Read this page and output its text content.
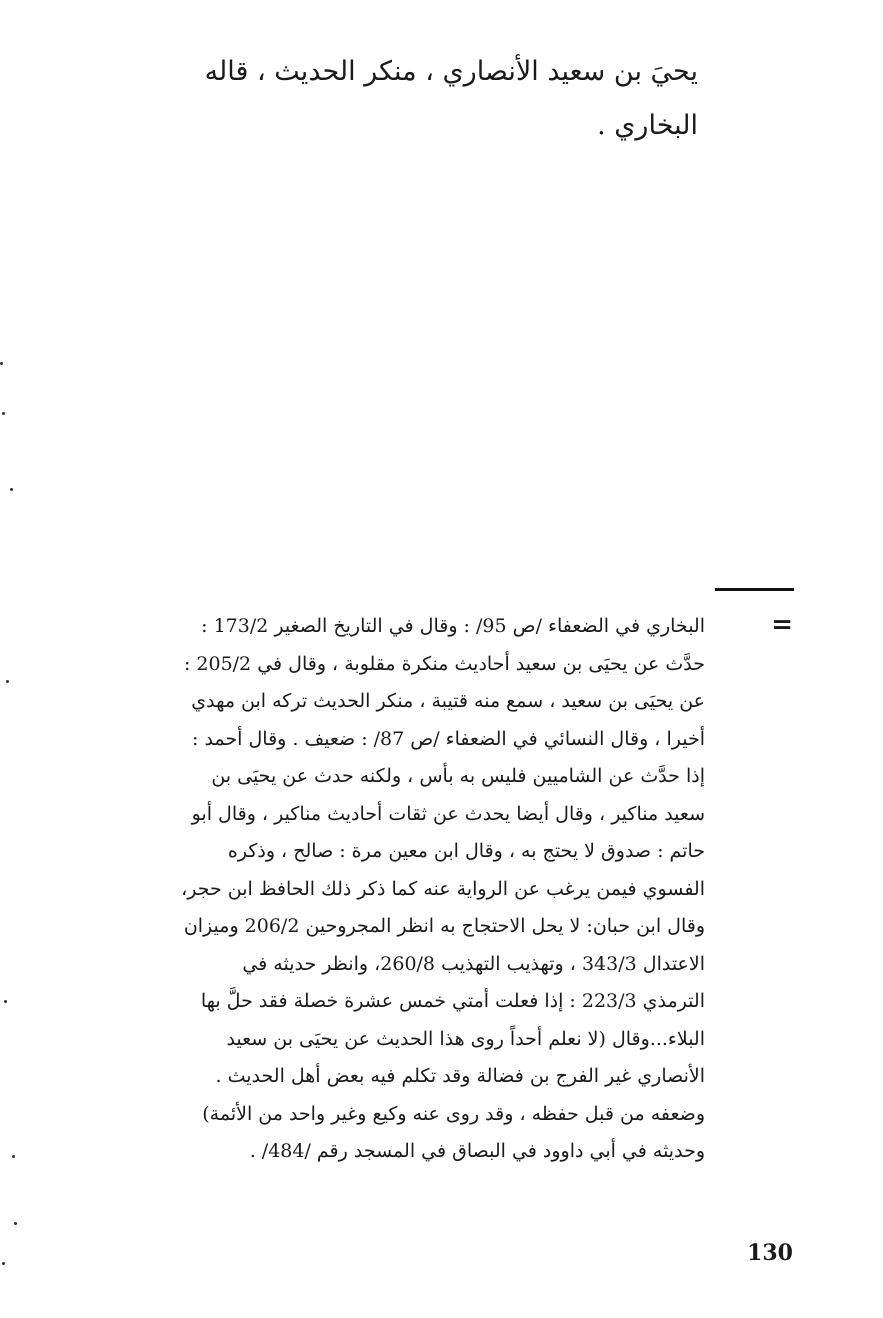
يحيَ بن سعيد الأنصاري ، منكر الحديث ، قاله
البخاري .
=
البخاري في الضعفاء /ص 95/ : وقال في التاريخ الصغير 173/2 :
حدَّث عن يحيَى بن سعيد أحاديث منكرة مقلوبة ، وقال في 205/2 :
عن يحيَى بن سعيد ، سمع منه قتيبة ، منكر الحديث تركه ابن مهدي
أخيرا ، وقال النسائي في الضعفاء /ص 87/ : ضعيف . وقال أحمد :
إذا حدَّث عن الشاميين فليس به بأس ، ولكنه حدث عن يحيَى بن
سعيد مناكير ، وقال أيضا يحدث عن ثقات أحاديث مناكير ، وقال أبو
حاتم : صدوق لا يحتج به ، وقال ابن معين مرة : صالح ، وذكره
الفسوي فيمن يرغب عن الرواية عنه كما ذكر ذلك الحافظ ابن حجر،
وقال ابن حبان: لا يحل الاحتجاج به انظر المجروحين 206/2 وميزان
الاعتدال 343/3 ، وتهذيب التهذيب 260/8، وانظر حديثه في
الترمذي 223/3 : إذا فعلت أمتي خمس عشرة خصلة فقد حلَّ بها
البلاء...وقال (لا نعلم أحداً روى هذا الحديث عن يحيَى بن سعيد
الأنصاري غير الفرج بن فضالة وقد تكلم فيه بعض أهل الحديث .
وضعفه من قبل حفظه ، وقد روى عنه وكيع وغير واحد من الأئمة)
وحديثه في أبي داوود في البصاق في المسجد رقم /484/ .
130
